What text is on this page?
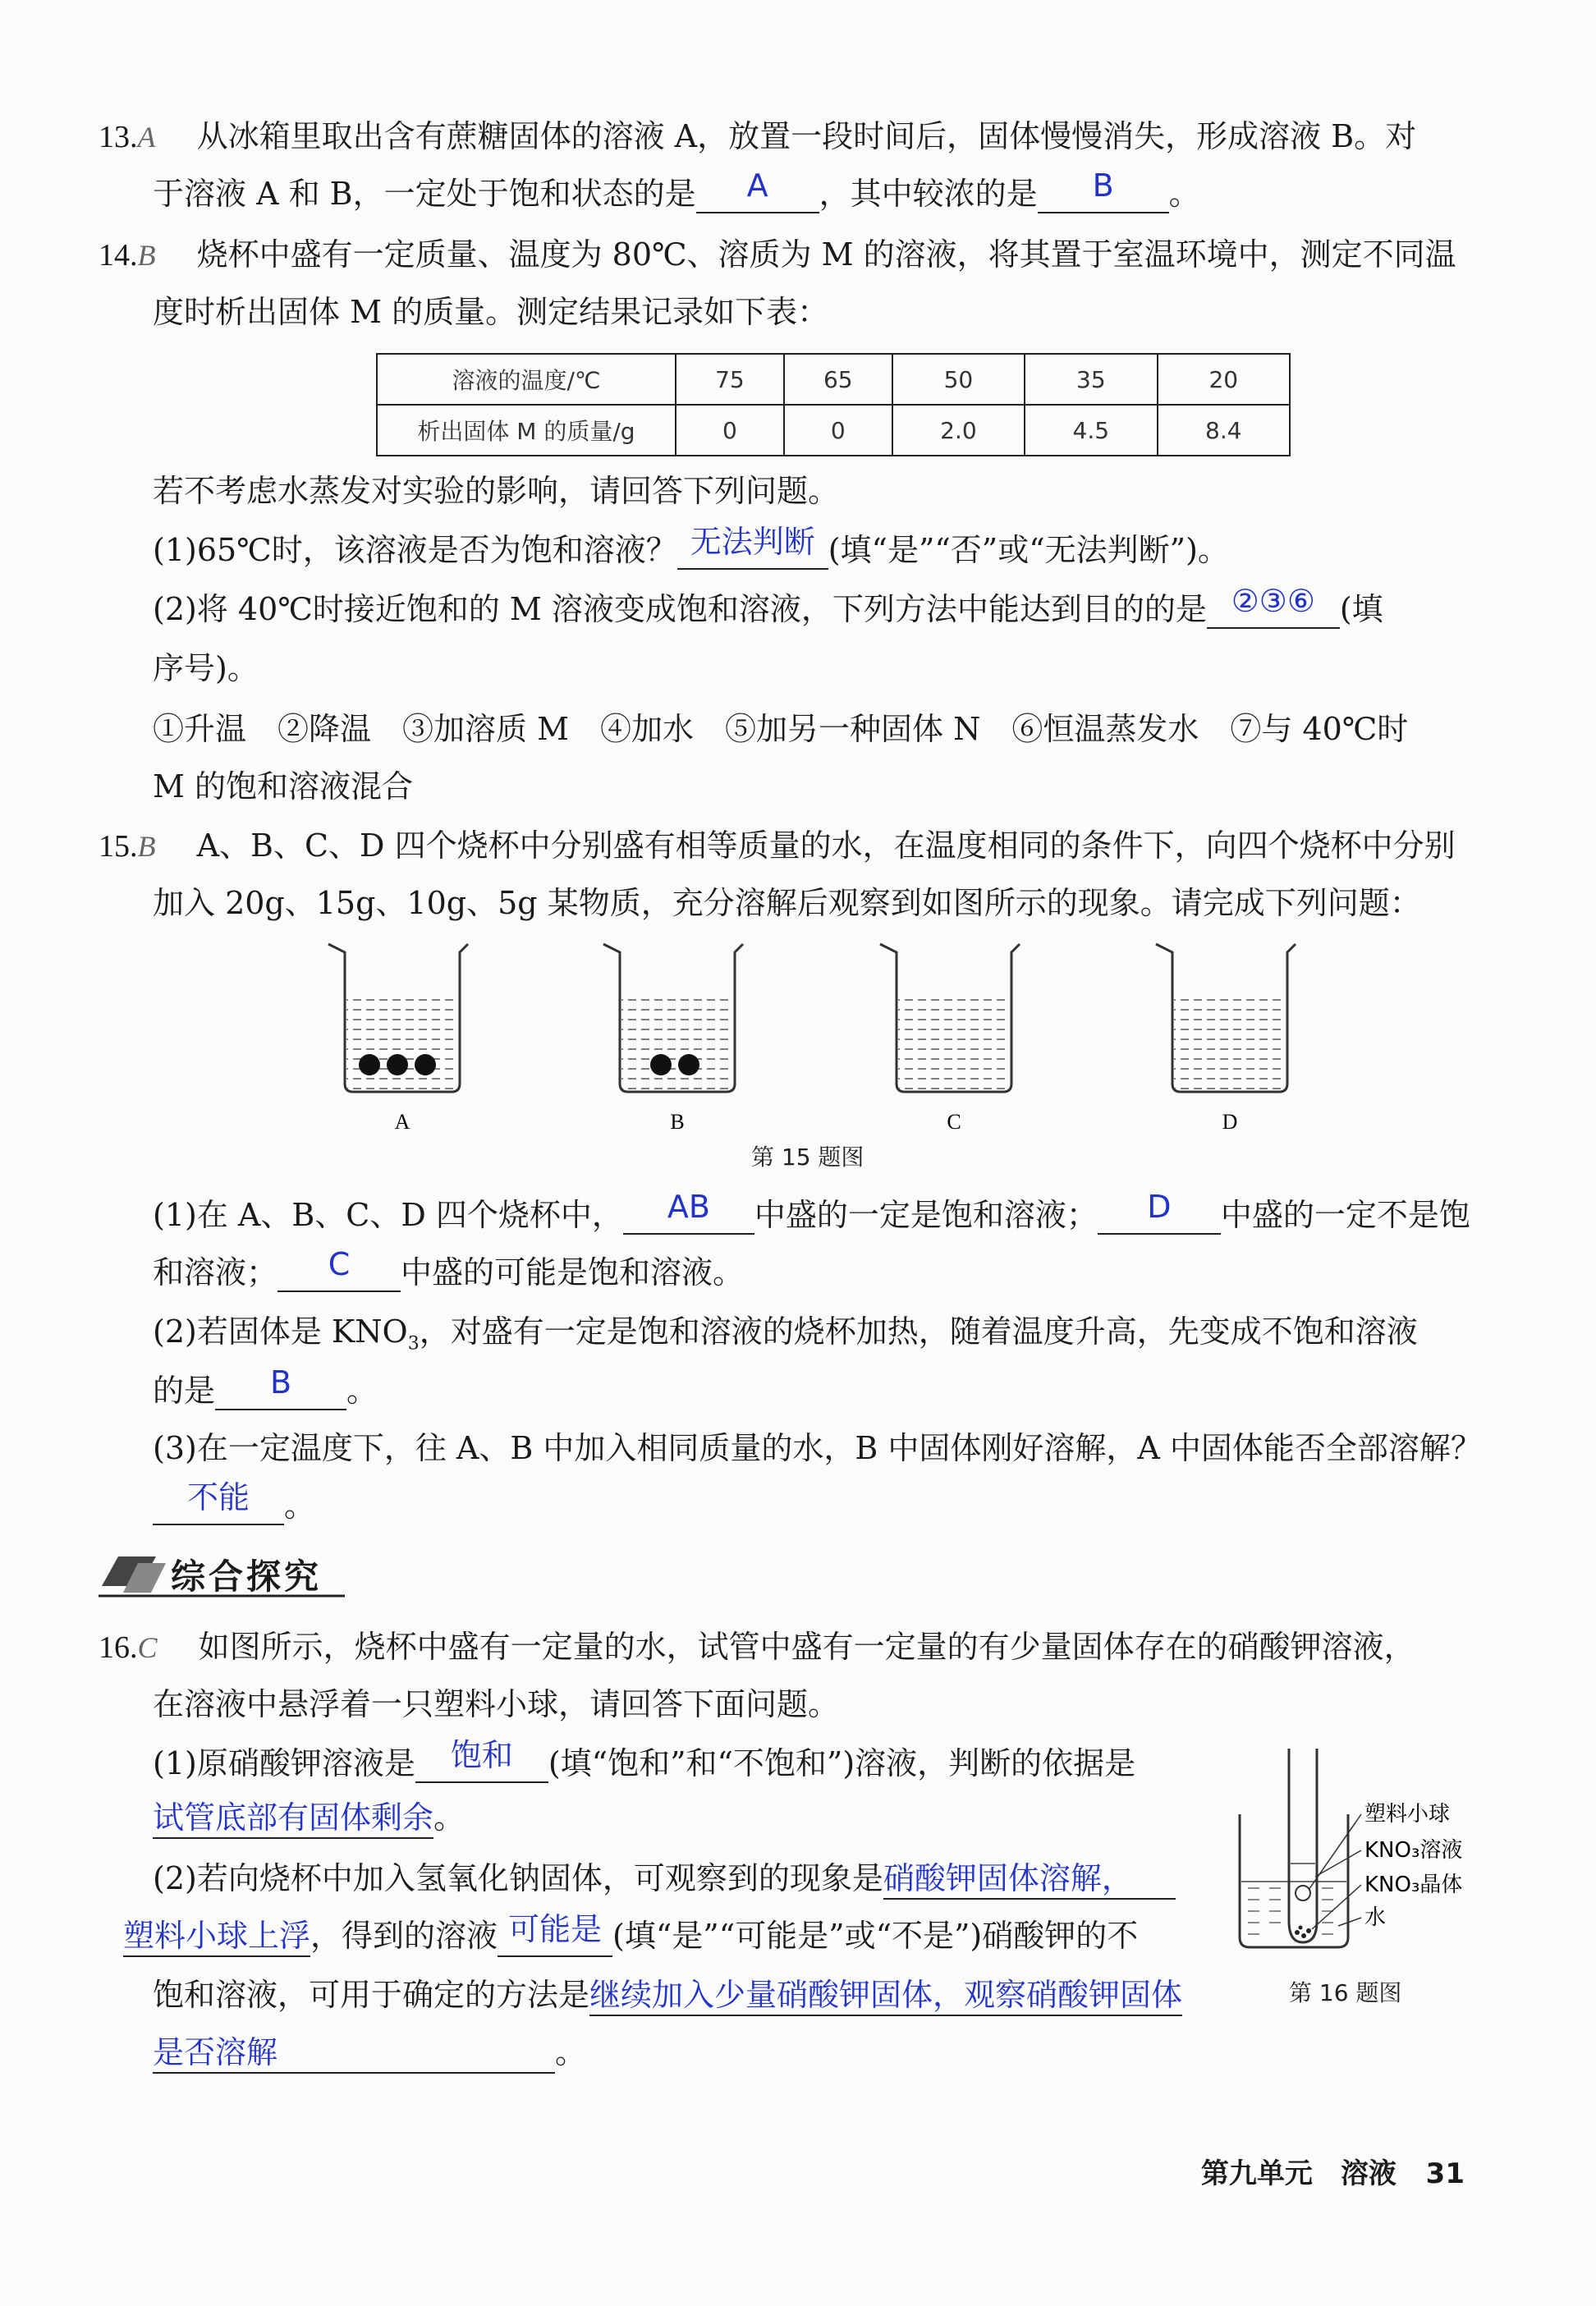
13.A 从冰箱里取出含有蔗糖固体的溶液 A，放置一段时间后，固体慢慢消失，形成溶液 B。对
于溶液 A 和 B，一定处于饱和状态的是	A	，其中较浓的是	B	。
14.B 烧杯中盛有一定质量、温度为 80℃、溶质为 M 的溶液，将其置于室温环境中，测定不同温
度时析出固体 M 的质量。测定结果记录如下表：
溶液的温度/℃	75	65	50	35	20
析出固体 M 的质量/g	0	0	2.0	4.5	8.4
若不考虑水蒸发对实验的影响，请回答下列问题。
(1)65℃时，该溶液是否为饱和溶液？ 无法判断 (填“是”“否”或“无法判断”)。
(2)将 40℃时接近饱和的 M 溶液变成饱和溶液，下列方法中能达到目的的是 ②③⑥ (填
序号)。
①升温　②降温　③加溶质 M　④加水　⑤加另一种固体 N　⑥恒温蒸发水　⑦与 40℃时
M 的饱和溶液混合
15.B A、B、C、D 四个烧杯中分别盛有相等质量的水，在温度相同的条件下，向四个烧杯中分别
加入 20g、15g、10g、5g 某物质，充分溶解后观察到如图所示的现象。请完成下列问题：
A	B	C	D
第 15 题图
(1)在 A、B、C、D 四个烧杯中，	AB	中盛的一定是饱和溶液；	D	中盛的一定不是饱
和溶液；	C	中盛的可能是饱和溶液。
(2)若固体是 $KNO_3$，对盛有一定是饱和溶液的烧杯加热，随着温度升高，先变成不饱和溶液
的是	B	。
(3)在一定温度下，往 A、B 中加入相同质量的水，B 中固体刚好溶解，A 中固体能否全部溶解？
不能	。
综合探究
16.C 如图所示，烧杯中盛有一定量的水，试管中盛有一定量的有少量固体存在的硝酸钾溶液，
在溶液中悬浮着一只塑料小球，请回答下面问题。
(1)原硝酸钾溶液是	饱和	(填“饱和”和“不饱和”)溶液，判断的依据是
试管底部有固体剩余。
(2)若向烧杯中加入氢氧化钠固体，可观察到的现象是硝酸钾固体溶解，
塑料小球上浮，得到的溶液 可能是 (填“是”“可能是”或“不是”)硝酸钾的不
饱和溶液，可用于确定的方法是继续加入少量硝酸钾固体，观察硝酸钾固体
是否溶解	。
塑料小球
KNO₃溶液
KNO₃晶体
水
第 16 题图
第九单元　溶液 31
